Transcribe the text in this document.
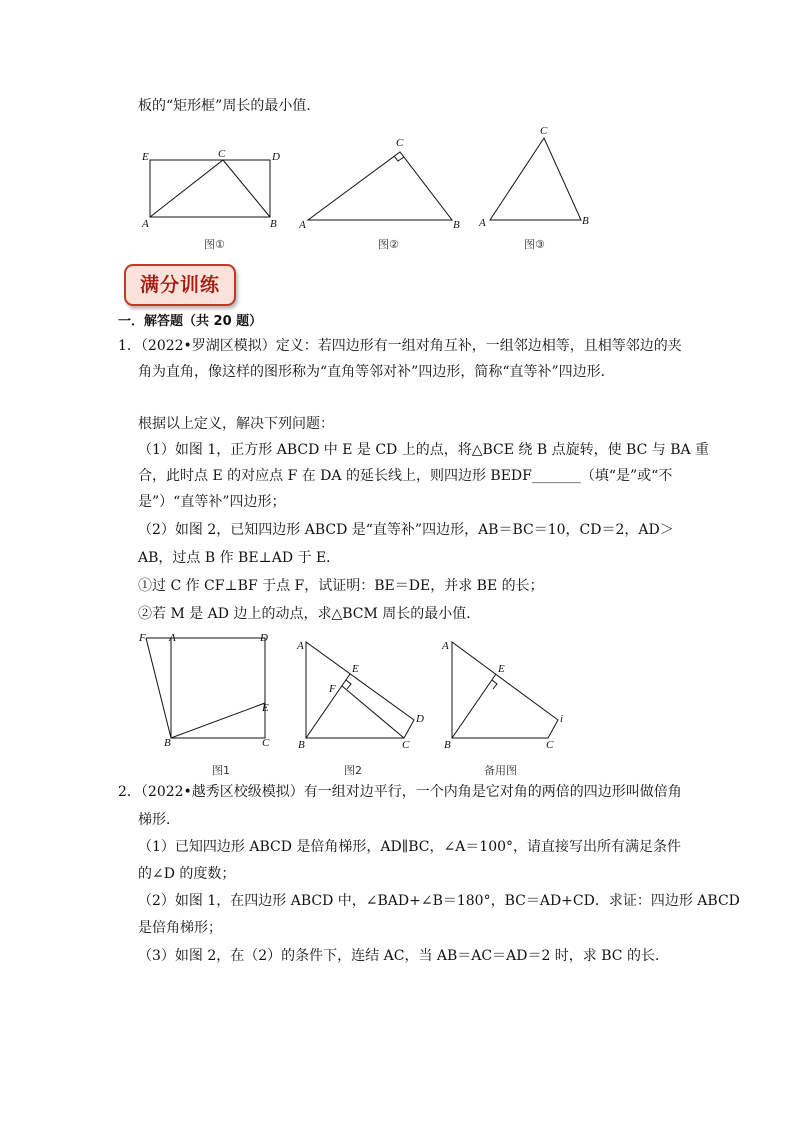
板的“矩形框”周长的最小值．
E	C	D
A	B
图①
C
A	B
图②
C
A	B
图③
满分训练
一．解答题（共 20 题）
1．（2022•罗湖区模拟）定义：若四边形有一组对角互补，一组邻边相等，且相等邻边的夹
角为直角，像这样的图形称为“直角等邻对补”四边形，简称“直等补”四边形．
根据以上定义，解决下列问题：
（1）如图 1，正方形 ABCD 中 E 是 CD 上的点，将△BCE 绕 B 点旋转，使 BC 与 BA 重
合，此时点 E 的对应点 F 在 DA 的延长线上，则四边形 BEDF_______（填“是”或“不
是”）“直等补”四边形；
（2）如图 2，已知四边形 ABCD 是“直等补”四边形，AB＝BC＝10，CD＝2，AD＞
AB，过点 B 作 BE⊥AD 于 E．
①过 C 作 CF⊥BF 于点 F，试证明：BE＝DE，并求 BE 的长；
②若 M 是 AD 边上的动点，求△BCM 周长的最小值．
F A	D
E
B	C
图1
A
E
F
D
B	C
图2
A
E
i
B	C
备用图
2．（2022•越秀区校级模拟）有一组对边平行，一个内角是它对角的两倍的四边形叫做倍角
梯形．
（1）已知四边形 ABCD 是倍角梯形，AD∥BC，∠A＝100°，请直接写出所有满足条件
的∠D 的度数；
（2）如图 1，在四边形 ABCD 中，∠BAD+∠B＝180°，BC＝AD+CD．求证：四边形 ABCD
是倍角梯形；
（3）如图 2，在（2）的条件下，连结 AC，当 AB＝AC＝AD＝2 时，求 BC 的长．
